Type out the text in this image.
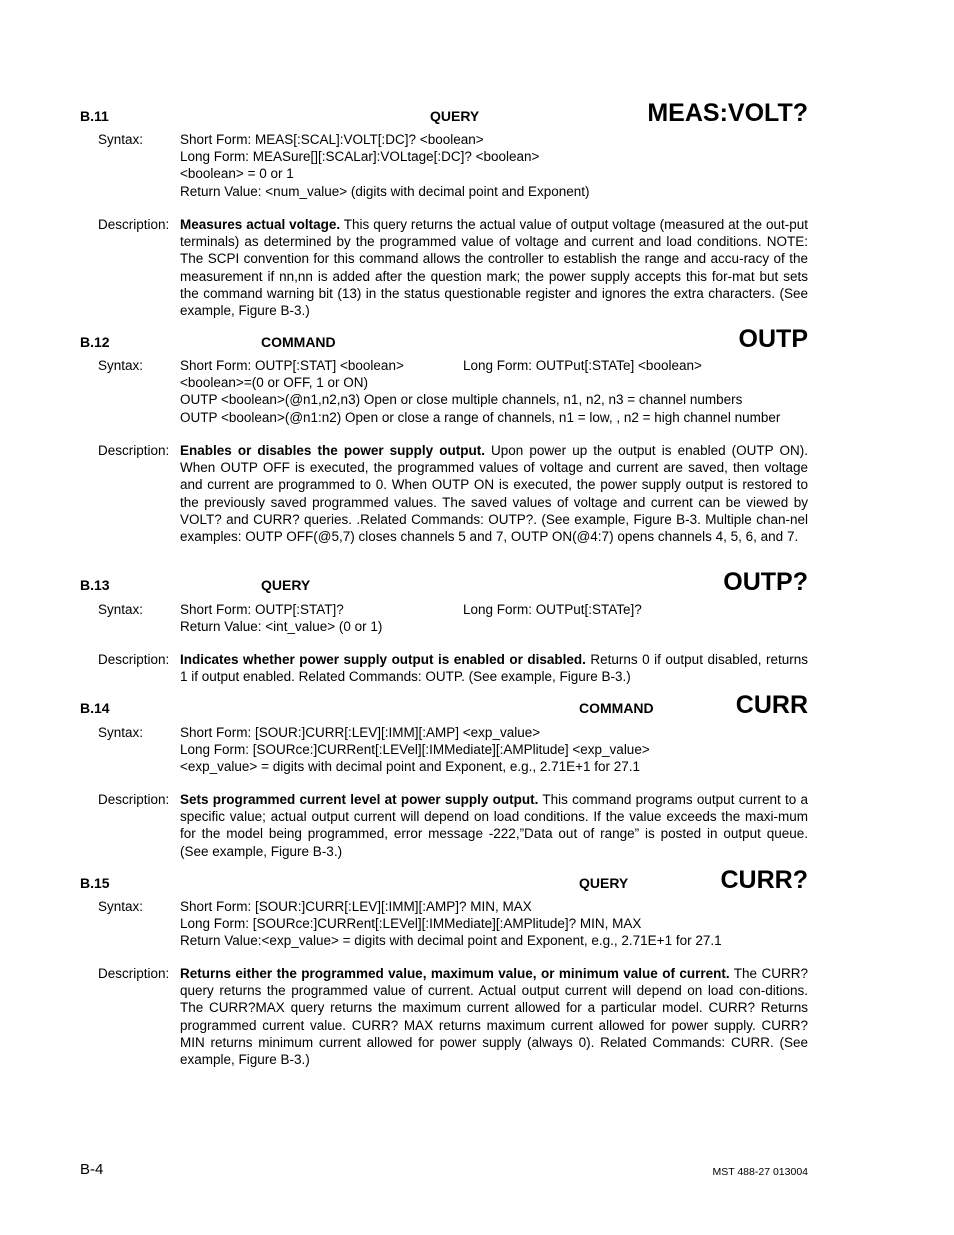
B.11	QUERY	MEAS:VOLT?
Syntax:	Short Form: MEAS[:SCAL]:VOLT[:DC]? <boolean>
Long Form: MEASure[][:SCALar]:VOLtage[:DC]? <boolean>
<boolean> = 0 or 1
Return Value: <num_value> (digits with decimal point and Exponent)
Description: Measures actual voltage. This query returns the actual value of output voltage (measured at the out-put terminals) as determined by the programmed value of voltage and current and load conditions. NOTE: The SCPI convention for this command allows the controller to establish the range and accu-racy of the measurement if nn,nn is added after the question mark; the power supply accepts this for-mat but sets the command warning bit (13) in the status questionable register and ignores the extra characters. (See example, Figure B-3.)
B.12	COMMAND	OUTP
Syntax:	Short Form: OUTP[:STAT] <boolean>
<boolean>=(0 or OFF, 1 or ON)
OUTP <boolean>(@n1,n2,n3) Open or close multiple channels, n1, n2, n3 = channel numbers
OUTP <boolean>(@n1:n2) Open or close a range of channels, n1 = low, , n2 = high channel number
Long Form: OUTPut[:STATe] <boolean>
Description: Enables or disables the power supply output. Upon power up the output is enabled (OUTP ON). When OUTP OFF is executed, the programmed values of voltage and current are saved, then voltage and current are programmed to 0. When OUTP ON is executed, the power supply output is restored to the previously saved programmed values. The saved values of voltage and current can be viewed by VOLT? and CURR? queries. .Related Commands: OUTP?. (See example, Figure B-3. Multiple chan-nel examples: OUTP OFF(@5,7) closes channels 5 and 7, OUTP ON(@4:7) opens channels 4, 5, 6, and 7.
B.13	QUERY	OUTP?
Syntax:	Short Form: OUTP[:STAT]?
Return Value: <int_value> (0 or 1)
Long Form: OUTPut[:STATe]?
Description: Indicates whether power supply output is enabled or disabled. Returns 0 if output disabled, returns 1 if output enabled. Related Commands: OUTP. (See example, Figure B-3.)
B.14	COMMAND	CURR
Syntax:	Short Form: [SOUR:]CURR[:LEV][:IMM][:AMP] <exp_value>
Long Form: [SOURce:]CURRent[:LEVel][:IMMediate][:AMPlitude] <exp_value>
<exp_value> = digits with decimal point and Exponent, e.g., 2.71E+1 for 27.1
Description: Sets programmed current level at power supply output. This command programs output current to a specific value; actual output current will depend on load conditions. If the value exceeds the maxi-mum for the model being programmed, error message -222,”Data out of range” is posted in output queue. (See example, Figure B-3.)
B.15	QUERY	CURR?
Syntax:	Short Form: [SOUR:]CURR[:LEV][:IMM][:AMP]? MIN, MAX
Long Form: [SOURce:]CURRent[:LEVel][:IMMediate][:AMPlitude]? MIN, MAX
Return Value:<exp_value> = digits with decimal point and Exponent, e.g., 2.71E+1 for 27.1
Description: Returns either the programmed value, maximum value, or minimum value of current. The CURR? query returns the programmed value of current. Actual output current will depend on load con-ditions. The CURR?MAX query returns the maximum current allowed for a particular model. CURR? Returns programmed current value. CURR? MAX returns maximum current allowed for power supply. CURR? MIN returns minimum current allowed for power supply (always 0). Related Commands: CURR. (See example, Figure B-3.)
B-4	MST 488-27 013004
